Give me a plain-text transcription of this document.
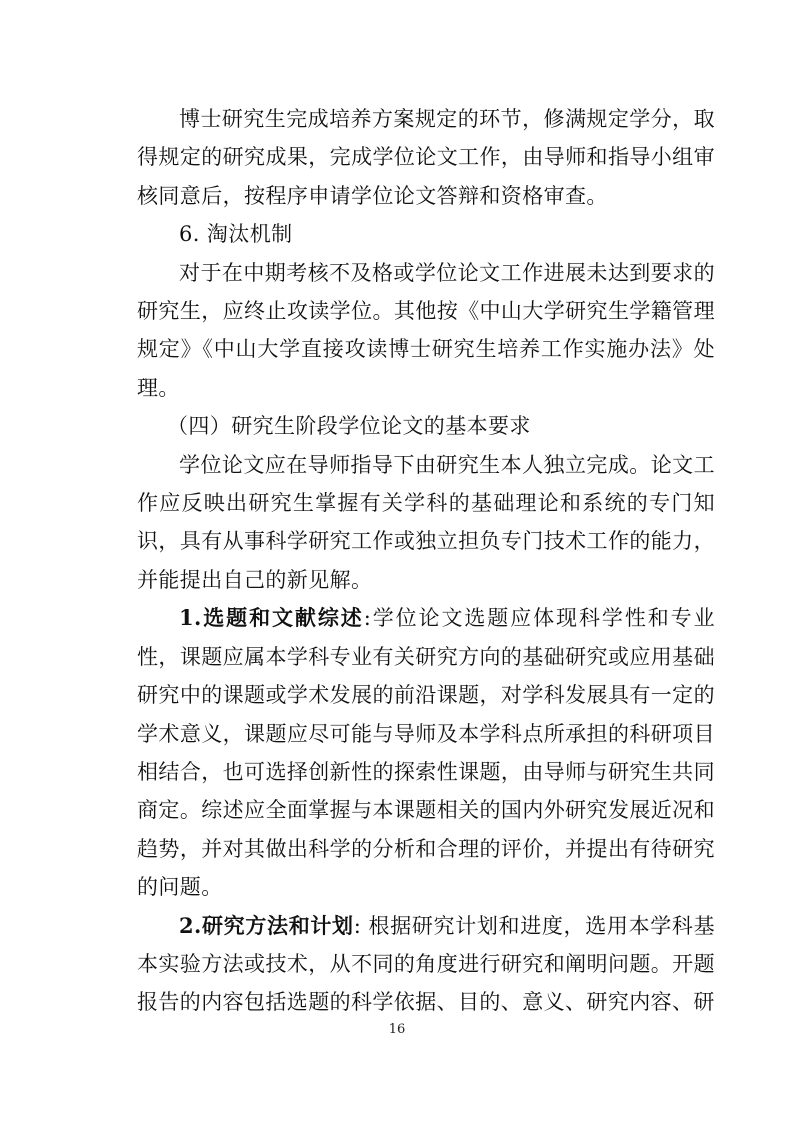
博士研究生完成培养方案规定的环节，修满规定学分，取得规定的研究成果，完成学位论文工作，由导师和指导小组审核同意后，按程序申请学位论文答辩和资格审查。

6. 淘汰机制

对于在中期考核不及格或学位论文工作进展未达到要求的研究生，应终止攻读学位。其他按《中山大学研究生学籍管理规定》《中山大学直接攻读博士研究生培养工作实施办法》处理。

（四）研究生阶段学位论文的基本要求

学位论文应在导师指导下由研究生本人独立完成。论文工作应反映出研究生掌握有关学科的基础理论和系统的专门知识，具有从事科学研究工作或独立担负专门技术工作的能力，并能提出自己的新见解。

1.选题和文献综述:学位论文选题应体现科学性和专业性，课题应属本学科专业有关研究方向的基础研究或应用基础研究中的课题或学术发展的前沿课题，对学科发展具有一定的学术意义，课题应尽可能与导师及本学科点所承担的科研项目相结合，也可选择创新性的探索性课题，由导师与研究生共同商定。综述应全面掌握与本课题相关的国内外研究发展近况和趋势，并对其做出科学的分析和合理的评价，并提出有待研究的问题。

2.研究方法和计划: 根据研究计划和进度，选用本学科基本实验方法或技术，从不同的角度进行研究和阐明问题。开题报告的内容包括选题的科学依据、目的、意义、研究内容、研

16
